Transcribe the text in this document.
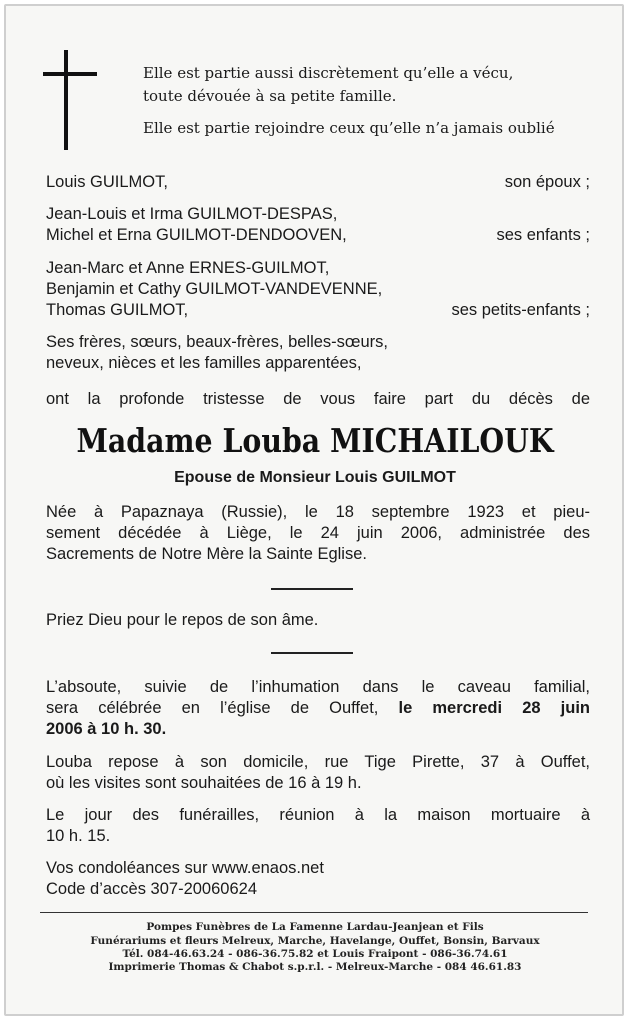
Elle est partie aussi discrètement qu’elle a vécu,
toute dévouée à sa petite famille.
Elle est partie rejoindre ceux qu’elle n’a jamais oublié
Louis GUILMOT,	son époux ;
Jean-Louis et Irma GUILMOT-DESPAS,
Michel et Erna GUILMOT-DENDOOVEN,	ses enfants ;
Jean-Marc et Anne ERNES-GUILMOT,
Benjamin et Cathy GUILMOT-VANDEVENNE,
Thomas GUILMOT,	ses petits-enfants ;
Ses frères, sœurs, beaux-frères, belles-sœurs,
neveux, nièces et les familles apparentées,
ont la profonde tristesse de vous faire part du décès de
Madame Louba MICHAILOUK
Epouse de Monsieur Louis GUILMOT
Née à Papaznaya (Russie), le 18 septembre 1923 et pieu-
sement décédée à Liège, le 24 juin 2006, administrée des
Sacrements de Notre Mère la Sainte Eglise.
Priez Dieu pour le repos de son âme.
L’absoute, suivie de l’inhumation dans le caveau familial,
sera célébrée en l’église de Ouffet, le mercredi 28 juin
2006 à 10 h. 30.
Louba repose à son domicile, rue Tige Pirette, 37 à Ouffet,
où les visites sont souhaitées de 16 à 19 h.
Le jour des funérailles, réunion à la maison mortuaire à
10 h. 15.
Vos condoléances sur www.enaos.net
Code d’accès 307-20060624
Pompes Funèbres de La Famenne Lardau-Jeanjean et Fils
Funérariums et fleurs Melreux, Marche, Havelange, Ouffet, Bonsin, Barvaux
Tél. 084-46.63.24 - 086-36.75.82 et Louis Fraipont - 086-36.74.61
Imprimerie Thomas & Chabot s.p.r.l. - Melreux-Marche - 084 46.61.83
